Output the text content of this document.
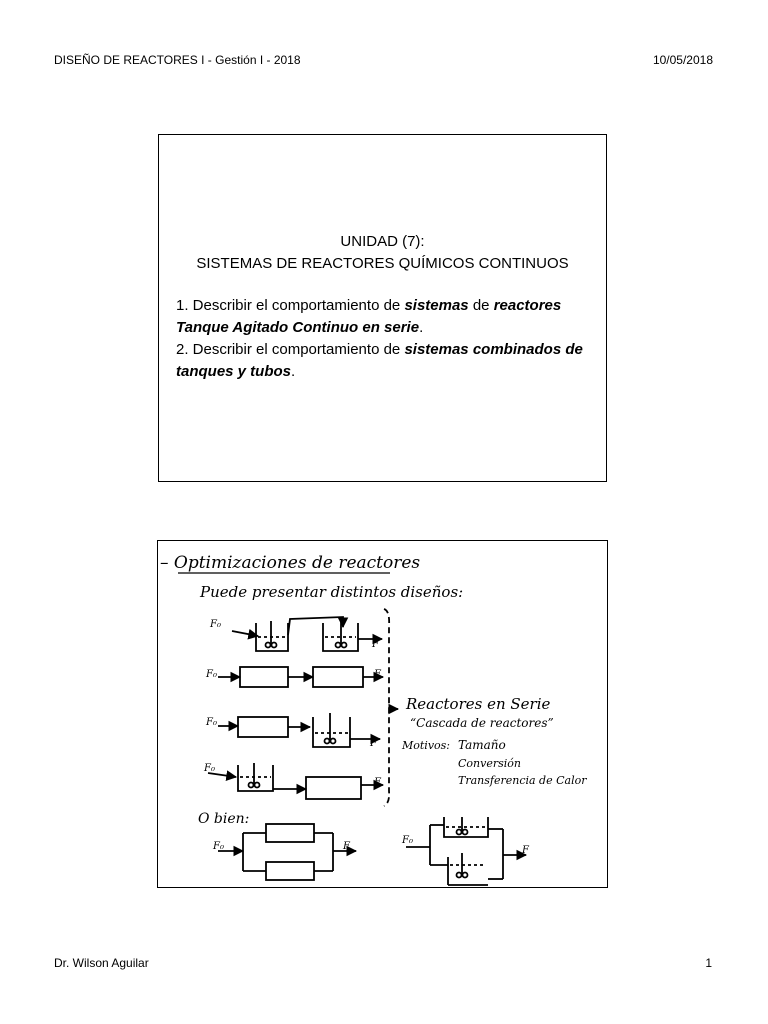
DISEÑO DE REACTORES I - Gestión I - 2018	10/05/2018
UNIDAD (7):
SISTEMAS DE REACTORES QUÍMICOS CONTINUOS

1. Describir el comportamiento de sistemas de reactores Tanque Agitado Continuo en serie.

2. Describir el comportamiento de sistemas combinados de tanques y tubos.

– Optimizaciones de reactores
Puede presentar distintos diseños:
F₀
F
F₀	F
F₀
F
F₀
F
F₀	F
F₀
F
Reactores en Serie
“Cascada de reactores”
Motivos: Tamaño
Conversión
Transferencia de Calor
O bien:
Dr. Wilson Aguilar	1
